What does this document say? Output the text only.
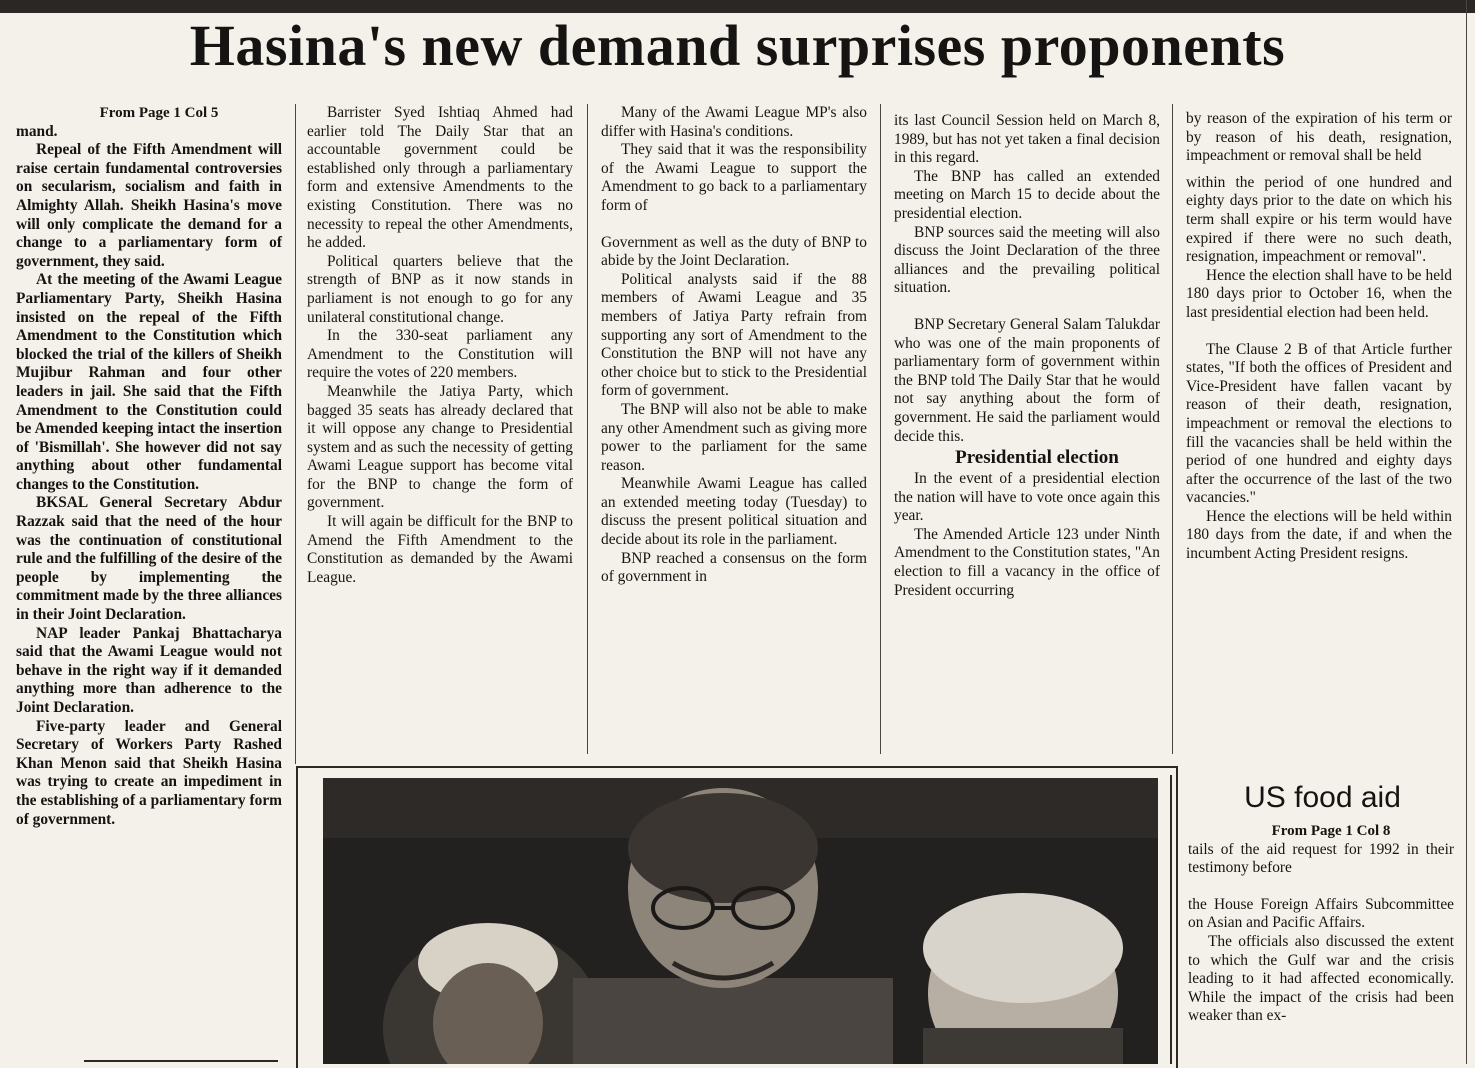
Hasina's new demand surprises proponents

From Page 1 Col 5

mand.

Repeal of the Fifth Amendment will raise certain fundamental controversies on secularism, socialism and faith in Almighty Allah. Sheikh Hasina's move will only complicate the demand for a change to a parliamentary form of government, they said.

At the meeting of the Awami League Parliamentary Party, Sheikh Hasina insisted on the repeal of the Fifth Amendment to the Constitution which blocked the trial of the killers of Sheikh Mujibur Rahman and four other leaders in jail. She said that the Fifth Amendment to the Constitution could be Amended keeping intact the insertion of 'Bismillah'. She however did not say anything about other fundamental changes to the Constitution.

BKSAL General Secretary Abdur Razzak said that the need of the hour was the continuation of constitutional rule and the fulfilling of the desire of the people by implementing the commitment made by the three alliances in their Joint Declaration.

NAP leader Pankaj Bhattacharya said that the Awami League would not behave in the right way if it demanded anything more than adherence to the Joint Declaration.

Five-party leader and General Secretary of Workers Party Rashed Khan Menon said that Sheikh Hasina was trying to create an impediment in the establishing of a parliamentary form of government.

Barrister Syed Ishtiaq Ahmed had earlier told The Daily Star that an accountable government could be established only through a parliamentary form and extensive Amendments to the existing Constitution. There was no necessity to repeal the other Amendments, he added.

Political quarters believe that the strength of BNP as it now stands in parliament is not enough to go for any unilateral constitutional change.

In the 330-seat parliament any Amendment to the Constitution will require the votes of 220 members.

Meanwhile the Jatiya Party, which bagged 35 seats has already declared that it will oppose any change to Presidential system and as such the necessity of getting Awami League support has become vital for the BNP to change the form of government.

It will again be difficult for the BNP to Amend the Fifth Amendment to the Constitution as demanded by the Awami League.

Many of the Awami League MP's also differ with Hasina's conditions.

They said that it was the responsibility of the Awami League to support the Amendment to go back to a parliamentary form of

Government as well as the duty of BNP to abide by the Joint Declaration.

Political analysts said if the 88 members of Awami League and 35 members of Jatiya Party refrain from supporting any sort of Amendment to the Constitution the BNP will not have any other choice but to stick to the Presidential form of government.

The BNP will also not be able to make any other Amendment such as giving more power to the parliament for the same reason.

Meanwhile Awami League has called an extended meeting today (Tuesday) to discuss the present political situation and decide about its role in the parliament.

BNP reached a consensus on the form of government in

its last Council Session held on March 8, 1989, but has not yet taken a final decision in this regard.

The BNP has called an extended meeting on March 15 to decide about the presidential election.

BNP sources said the meeting will also discuss the Joint Declaration of the three alliances and the prevailing political situation.

BNP Secretary General Salam Talukdar who was one of the main proponents of parliamentary form of government within the BNP told The Daily Star that he would not say anything about the form of government. He said the parliament would decide this.

Presidential election

In the event of a presidential election the nation will have to vote once again this year.

The Amended Article 123 under Ninth Amendment to the Constitution states, "An election to fill a vacancy in the office of President occurring

by reason of the expiration of his term or by reason of his death, resignation, impeachment or removal shall be held

within the period of one hundred and eighty days prior to the date on which his term shall expire or his term would have expired if there were no such death, resignation, impeachment or removal".

Hence the election shall have to be held 180 days prior to October 16, when the last presidential election had been held.

The Clause 2 B of that Article further states, "If both the offices of President and Vice-President have fallen vacant by reason of their death, resignation, impeachment or removal the elections to fill the vacancies shall be held within the period of one hundred and eighty days after the occurrence of the last of the two vacancies."

Hence the elections will be held within 180 days from the date, if and when the incumbent Acting President resigns.

US food aid

From Page 1 Col 8

tails of the aid request for 1992 in their testimony before

the House Foreign Affairs Subcommittee on Asian and Pacific Affairs.

The officials also discussed the extent to which the Gulf war and the crisis leading to it had affected economically. While the impact of the crisis had been weaker than ex-
